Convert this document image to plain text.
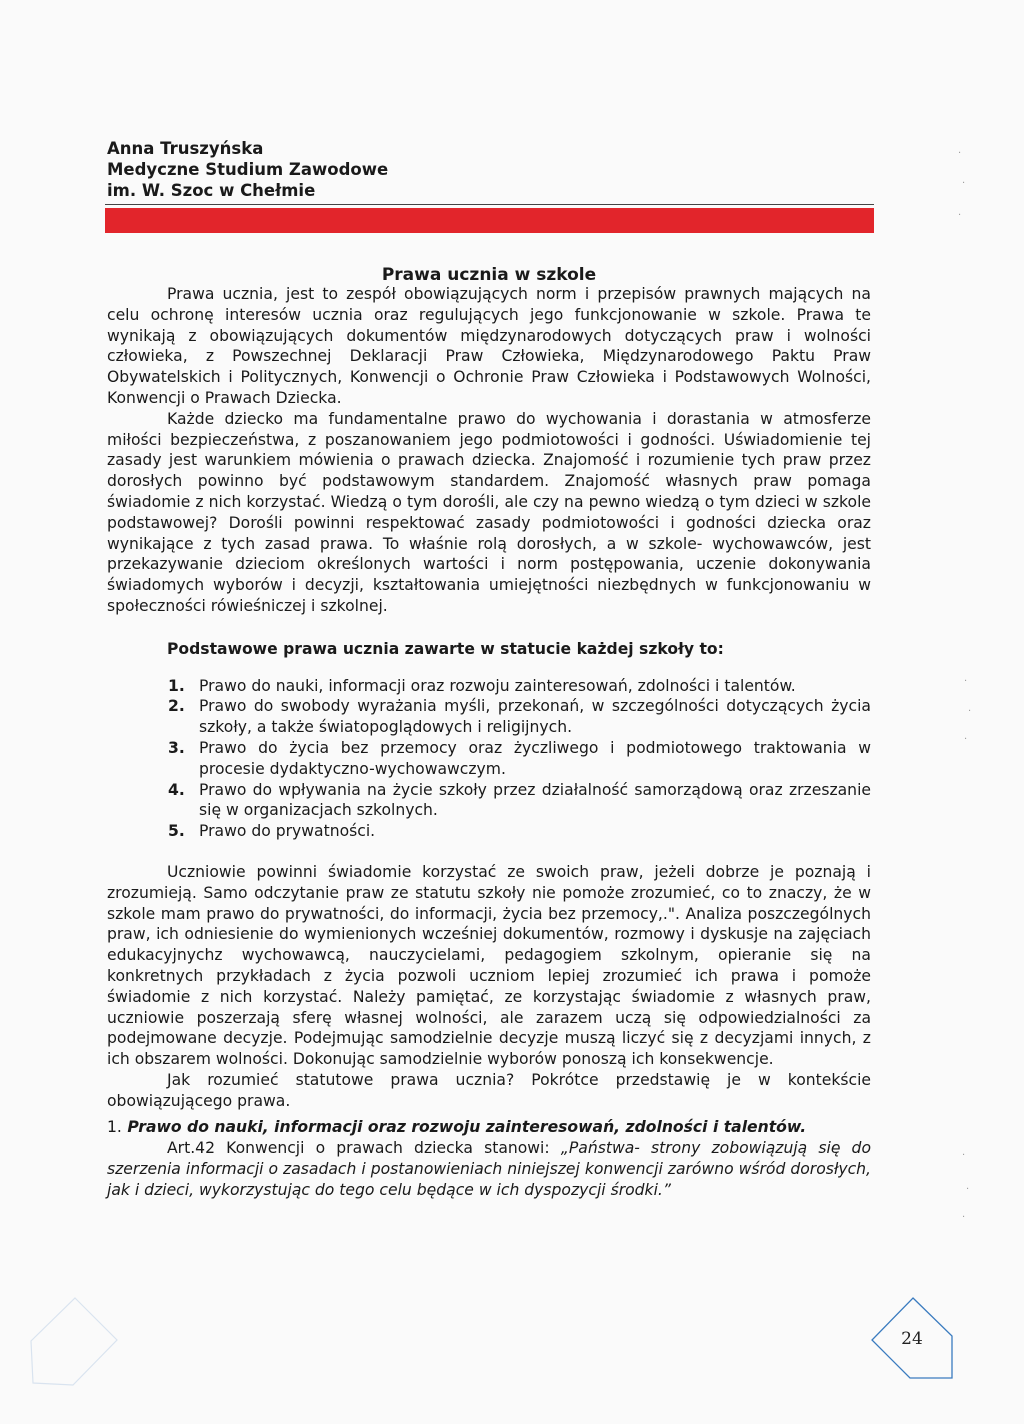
Anna Truszyńska
Medyczne Studium Zawodowe
im. W. Szoc w Chełmie
Prawa ucznia w szkole

Prawa ucznia, jest to zespół obowiązujących norm i przepisów prawnych mających na celu ochronę interesów ucznia oraz regulujących jego funkcjonowanie w szkole. Prawa te wynikają z obowiązujących dokumentów międzynarodowych dotyczących praw i wolności człowieka, z Powszechnej Deklaracji Praw Człowieka, Międzynarodowego Paktu Praw Obywatelskich i Politycznych, Konwencji o Ochronie Praw Człowieka i Podstawowych Wolności, Konwencji o Prawach Dziecka.

Każde dziecko ma fundamentalne prawo do wychowania i dorastania w atmosferze miłości bezpieczeństwa, z poszanowaniem jego podmiotowości i godności. Uświadomienie tej zasady jest warunkiem mówienia o prawach dziecka. Znajomość i rozumienie tych praw przez dorosłych powinno być podstawowym standardem. Znajomość własnych praw pomaga świadomie z nich korzystać. Wiedzą o tym dorośli, ale czy na pewno wiedzą o tym dzieci w szkole podstawowej? Dorośli powinni respektować zasady podmiotowości i godności dziecka oraz wynikające z tych zasad prawa. To właśnie rolą dorosłych, a w szkole- wychowawców, jest przekazywanie dzieciom określonych wartości i norm postępowania, uczenie dokonywania świadomych wyborów i decyzji, kształtowania umiejętności niezbędnych w funkcjonowaniu w społeczności rówieśniczej i szkolnej.

Podstawowe prawa ucznia zawarte w statucie każdej szkoły to:

1. Prawo do nauki, informacji oraz rozwoju zainteresowań, zdolności i talentów.
2. Prawo do swobody wyrażania myśli, przekonań, w szczególności dotyczących życia szkoły, a także światopoglądowych i religijnych.
3. Prawo do życia bez przemocy oraz życzliwego i podmiotowego traktowania w procesie dydaktyczno-wychowawczym.
4. Prawo do wpływania na życie szkoły przez działalność samorządową oraz zrzeszanie się w organizacjach szkolnych.
5. Prawo do prywatności.

Uczniowie powinni świadomie korzystać ze swoich praw, jeżeli dobrze je poznają i zrozumieją. Samo odczytanie praw ze statutu szkoły nie pomoże zrozumieć, co to znaczy, że w szkole mam prawo do prywatności, do informacji, życia bez przemocy,.". Analiza poszczególnych praw, ich odniesienie do wymienionych wcześniej dokumentów, rozmowy i dyskusje na zajęciach edukacyjnychz wychowawcą, nauczycielami, pedagogiem szkolnym, opieranie się na konkretnych przykładach z życia pozwoli uczniom lepiej zrozumieć ich prawa i pomoże świadomie z nich korzystać. Należy pamiętać, ze korzystając świadomie z własnych praw, uczniowie poszerzają sferę własnej wolności, ale zarazem uczą się odpowiedzialności za podejmowane decyzje. Podejmując samodzielnie decyzje muszą liczyć się z decyzjami innych, z ich obszarem wolności. Dokonując samodzielnie wyborów ponoszą ich konsekwencje.

Jak rozumieć statutowe prawa ucznia? Pokrótce przedstawię je w kontekście obowiązującego prawa.

1. Prawo do nauki, informacji oraz rozwoju zainteresowań, zdolności i talentów.

Art.42 Konwencji o prawach dziecka stanowi: „Państwa- strony zobowiązują się do szerzenia informacji o zasadach i postanowieniach niniejszej konwencji zarówno wśród dorosłych, jak i dzieci, wykorzystując do tego celu będące w ich dyspozycji środki.”

24
·
·
·
·
·
·
·
·
·
